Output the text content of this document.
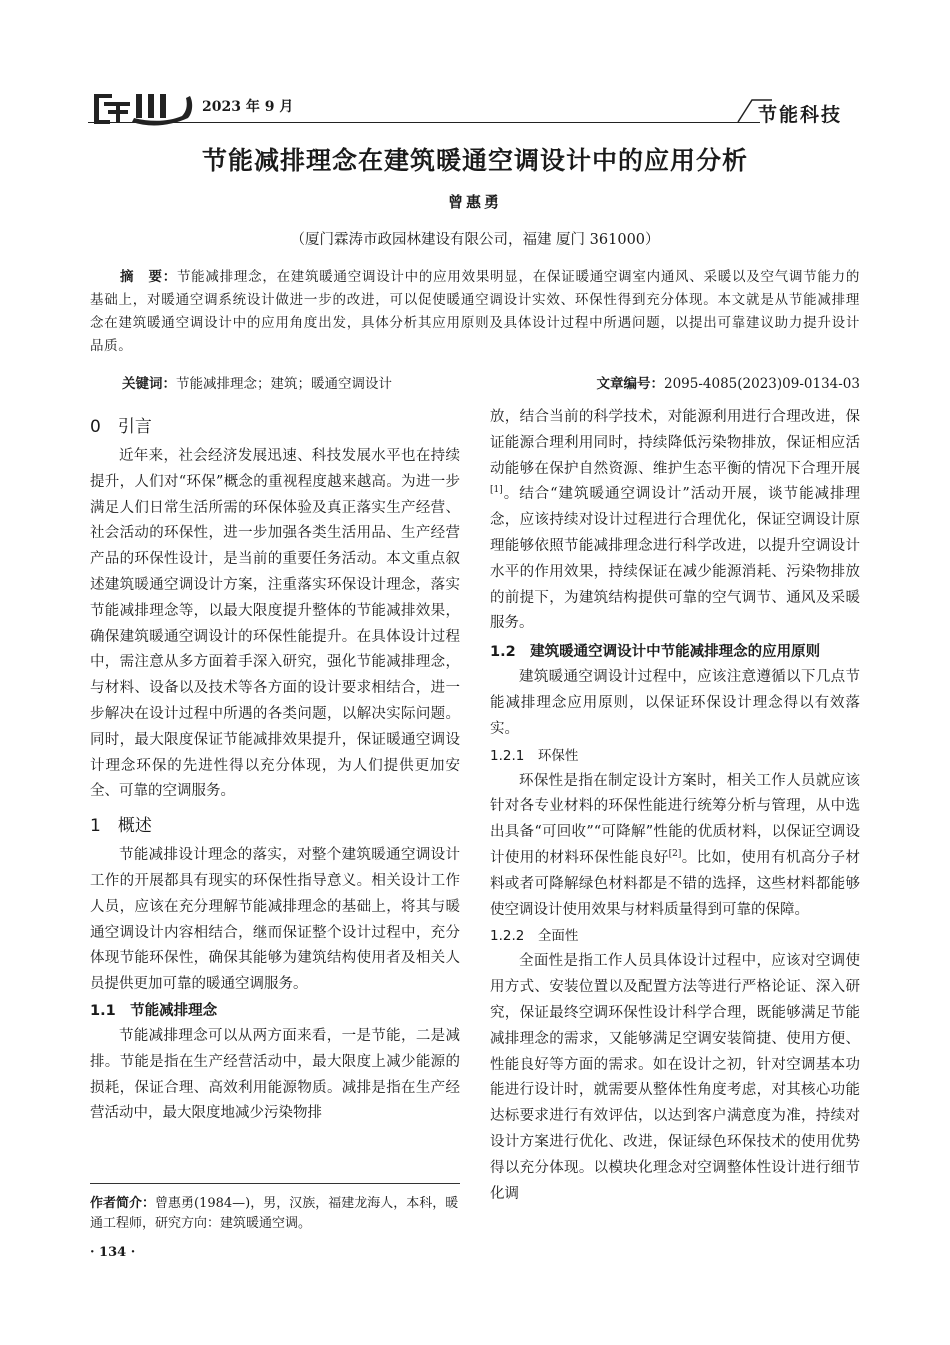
2023 年 9 月	节能科技
节能减排理念在建筑暖通空调设计中的应用分析
曾惠勇
（厦门霖涛市政园林建设有限公司，福建 厦门 361000）
摘　要：节能减排理念，在建筑暖通空调设计中的应用效果明显，在保证暖通空调室内通风、采暖以及空气调节能力的基础上，对暖通空调系统设计做进一步的改进，可以促使暖通空调设计实效、环保性得到充分体现。本文就是从节能减排理念在建筑暖通空调设计中的应用角度出发，具体分析其应用原则及具体设计过程中所遇问题，以提出可靠建议助力提升设计品质。
关键词：节能减排理念；建筑；暖通空调设计	文章编号：2095-4085(2023)09-0134-03
0　引言

近年来，社会经济发展迅速、科技发展水平也在持续提升，人们对“环保”概念的重视程度越来越高。为进一步满足人们日常生活所需的环保体验及真正落实生产经营、社会活动的环保性，进一步加强各类生活用品、生产经营产品的环保性设计，是当前的重要任务活动。本文重点叙述建筑暖通空调设计方案，注重落实环保设计理念，落实节能减排理念等，以最大限度提升整体的节能减排效果，确保建筑暖通空调设计的环保性能提升。在具体设计过程中，需注意从多方面着手深入研究，强化节能减排理念，与材料、设备以及技术等各方面的设计要求相结合，进一步解决在设计过程中所遇的各类问题，以解决实际问题。同时，最大限度保证节能减排效果提升，保证暖通空调设计理念环保的先进性得以充分体现，为人们提供更加安全、可靠的空调服务。

1　概述

节能减排设计理念的落实，对整个建筑暖通空调设计工作的开展都具有现实的环保性指导意义。相关设计工作人员，应该在充分理解节能减排理念的基础上，将其与暖通空调设计内容相结合，继而保证整个设计过程中，充分体现节能环保性，确保其能够为建筑结构使用者及相关人员提供更加可靠的暖通空调服务。

1.1　节能减排理念

节能减排理念可以从两方面来看，一是节能，二是减排。节能是指在生产经营活动中，最大限度上减少能源的损耗，保证合理、高效利用能源物质。减排是指在生产经营活动中，最大限度地减少污染物排

放，结合当前的科学技术，对能源利用进行合理改进，保证能源合理利用同时，持续降低污染物排放，保证相应活动能够在保护自然资源、维护生态平衡的情况下合理开展[1]。结合“建筑暖通空调设计”活动开展，谈节能减排理念，应该持续对设计过程进行合理优化，保证空调设计原理能够依照节能减排理念进行科学改进，以提升空调设计水平的作用效果，持续保证在减少能源消耗、污染物排放的前提下，为建筑结构提供可靠的空气调节、通风及采暖服务。

1.2　建筑暖通空调设计中节能减排理念的应用原则

建筑暖通空调设计过程中，应该注意遵循以下几点节能减排理念应用原则，以保证环保设计理念得以有效落实。

1.2.1　环保性

环保性是指在制定设计方案时，相关工作人员就应该针对各专业材料的环保性能进行统筹分析与管理，从中选出具备“可回收”“可降解”性能的优质材料，以保证空调设计使用的材料环保性能良好[2]。比如，使用有机高分子材料或者可降解绿色材料都是不错的选择，这些材料都能够使空调设计使用效果与材料质量得到可靠的保障。

1.2.2　全面性

全面性是指工作人员具体设计过程中，应该对空调使用方式、安装位置以及配置方法等进行严格论证、深入研究，保证最终空调环保性设计科学合理，既能够满足节能减排理念的需求，又能够满足空调安装简捷、使用方便、性能良好等方面的需求。如在设计之初，针对空调基本功能进行设计时，就需要从整体性角度考虑，对其核心功能达标要求进行有效评估，以达到客户满意度为准，持续对设计方案进行优化、改进，保证绿色环保技术的使用优势得以充分体现。以模块化理念对空调整体性设计进行细节化调

作者简介：曾惠勇(1984—)，男，汉族，福建龙海人，本科，暖通工程师，研究方向：建筑暖通空调。
· 134 ·
